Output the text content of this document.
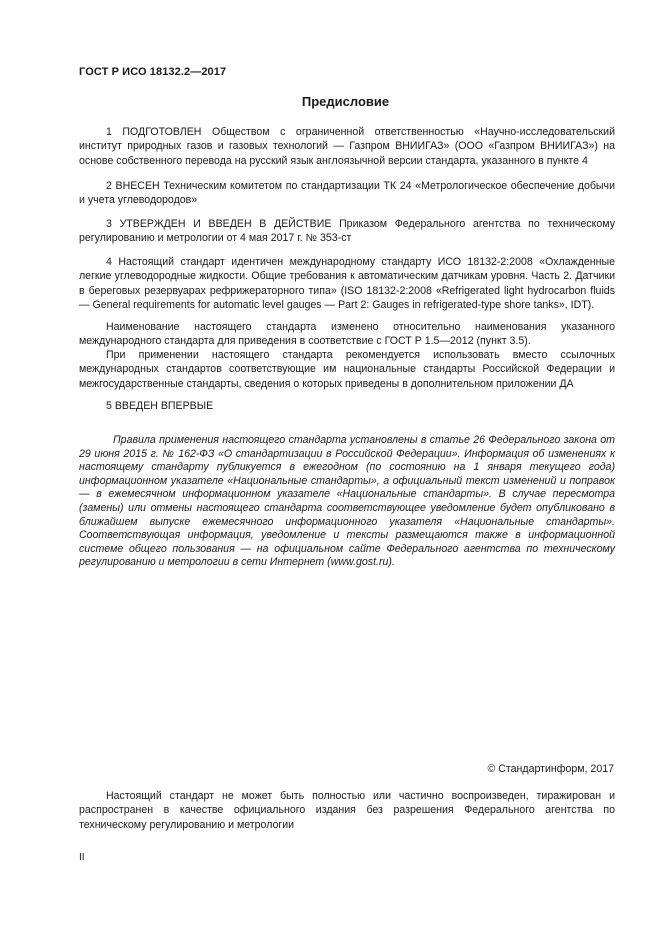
ГОСТ Р ИСО 18132.2—2017
Предисловие

1 ПОДГОТОВЛЕН Обществом с ограниченной ответственностью «Научно-исследовательский институт природных газов и газовых технологий — Газпром ВНИИГАЗ» (ООО «Газпром ВНИИГАЗ») на основе собственного перевода на русский язык англоязычной версии стандарта, указанного в пункте 4

2 ВНЕСЕН Техническим комитетом по стандартизации ТК 24 «Метрологическое обеспечение добычи и учета углеводородов»

3 УТВЕРЖДЕН И ВВЕДЕН В ДЕЙСТВИЕ Приказом Федерального агентства по техническому регулированию и метрологии от 4 мая 2017 г. № 353-ст

4 Настоящий стандарт идентичен международному стандарту ИСО 18132-2:2008 «Охлажденные легкие углеводородные жидкости. Общие требования к автоматическим датчикам уровня. Часть 2. Датчики в береговых резервуарах рефрижераторного типа» (ISO 18132-2:2008 «Refrigerated light hydrocarbon fluids — General requirements for automatic level gauges — Part 2: Gauges in refrigerated-type shore tanks», IDT).

Наименование настоящего стандарта изменено относительно наименования указанного международного стандарта для приведения в соответствие с ГОСТ Р 1.5—2012 (пункт 3.5).

При применении настоящего стандарта рекомендуется использовать вместо ссылочных международных стандартов соответствующие им национальные стандарты Российской Федерации и межгосударственные стандарты, сведения о которых приведены в дополнительном приложении ДА

5 ВВЕДЕН ВПЕРВЫЕ

Правила применения настоящего стандарта установлены в статье 26 Федерального закона от 29 июня 2015 г. № 162-ФЗ «О стандартизации в Российской Федерации». Информация об изменениях к настоящему стандарту публикуется в ежегодном (по состоянию на 1 января текущего года) информационном указателе «Национальные стандарты», а официальный текст изменений и поправок — в ежемесячном информационном указателе «Национальные стандарты». В случае пересмотра (замены) или отмены настоящего стандарта соответствующее уведомление будет опубликовано в ближайшем выпуске ежемесячного информационного указателя «Национальные стандарты». Соответствующая информация, уведомление и тексты размещаются также в информационной системе общего пользования — на официальном сайте Федерального агентства по техническому регулированию и метрологии в сети Интернет (www.gost.ru).

© Стандартинформ, 2017

Настоящий стандарт не может быть полностью или частично воспроизведен, тиражирован и распространен в качестве официального издания без разрешения Федерального агентства по техническому регулированию и метрологии

II
